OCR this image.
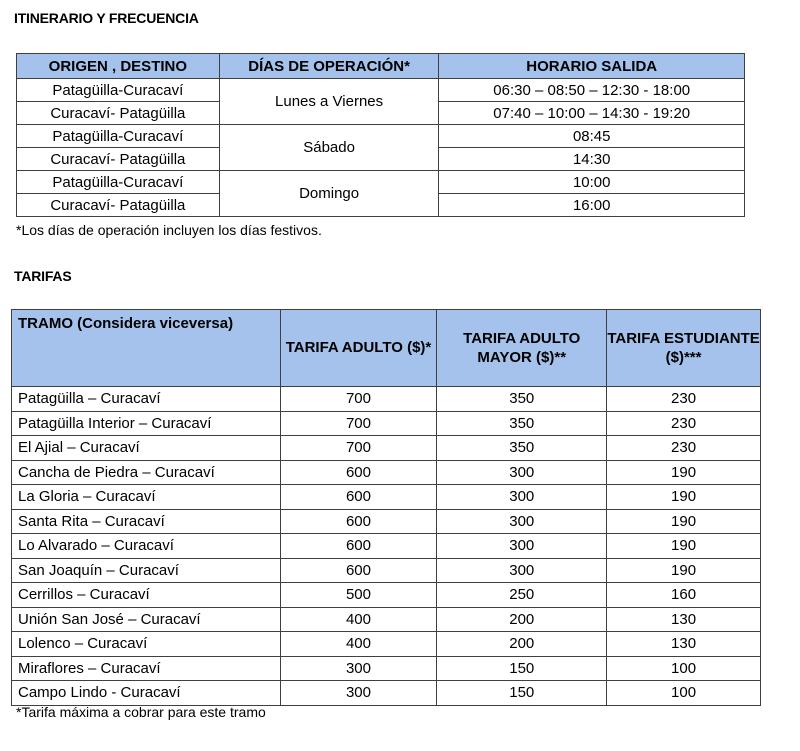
ITINERARIO Y FRECUENCIA
ORIGEN , DESTINO	DÍAS DE OPERACIÓN*	HORARIO SALIDA
Patagüilla-Curacaví	Lunes a Viernes	06:30 – 08:50 – 12:30 - 18:00
Curacaví- Patagüilla		07:40 – 10:00 – 14:30 - 19:20
Patagüilla-Curacaví	Sábado	08:45
Curacaví- Patagüilla		14:30
Patagüilla-Curacaví	Domingo	10:00
Curacaví- Patagüilla		16:00
*Los días de operación incluyen los días festivos.
TARIFAS
TRAMO (Considera viceversa)	TARIFA ADULTO ($)*	TARIFA ADULTO MAYOR ($)**	TARIFA ESTUDIANTE ($)***
Patagüilla – Curacaví	700	350	230
Patagüilla Interior – Curacaví	700	350	230
El Ajial – Curacaví	700	350	230
Cancha de Piedra – Curacaví	600	300	190
La Gloria – Curacaví	600	300	190
Santa Rita – Curacaví	600	300	190
Lo Alvarado – Curacaví	600	300	190
San Joaquín – Curacaví	600	300	190
Cerrillos – Curacaví	500	250	160
Unión San José – Curacaví	400	200	130
Lolenco – Curacaví	400	200	130
Miraflores – Curacaví	300	150	100
Campo Lindo - Curacaví	300	150	100
*Tarifa máxima a cobrar para este tramo
